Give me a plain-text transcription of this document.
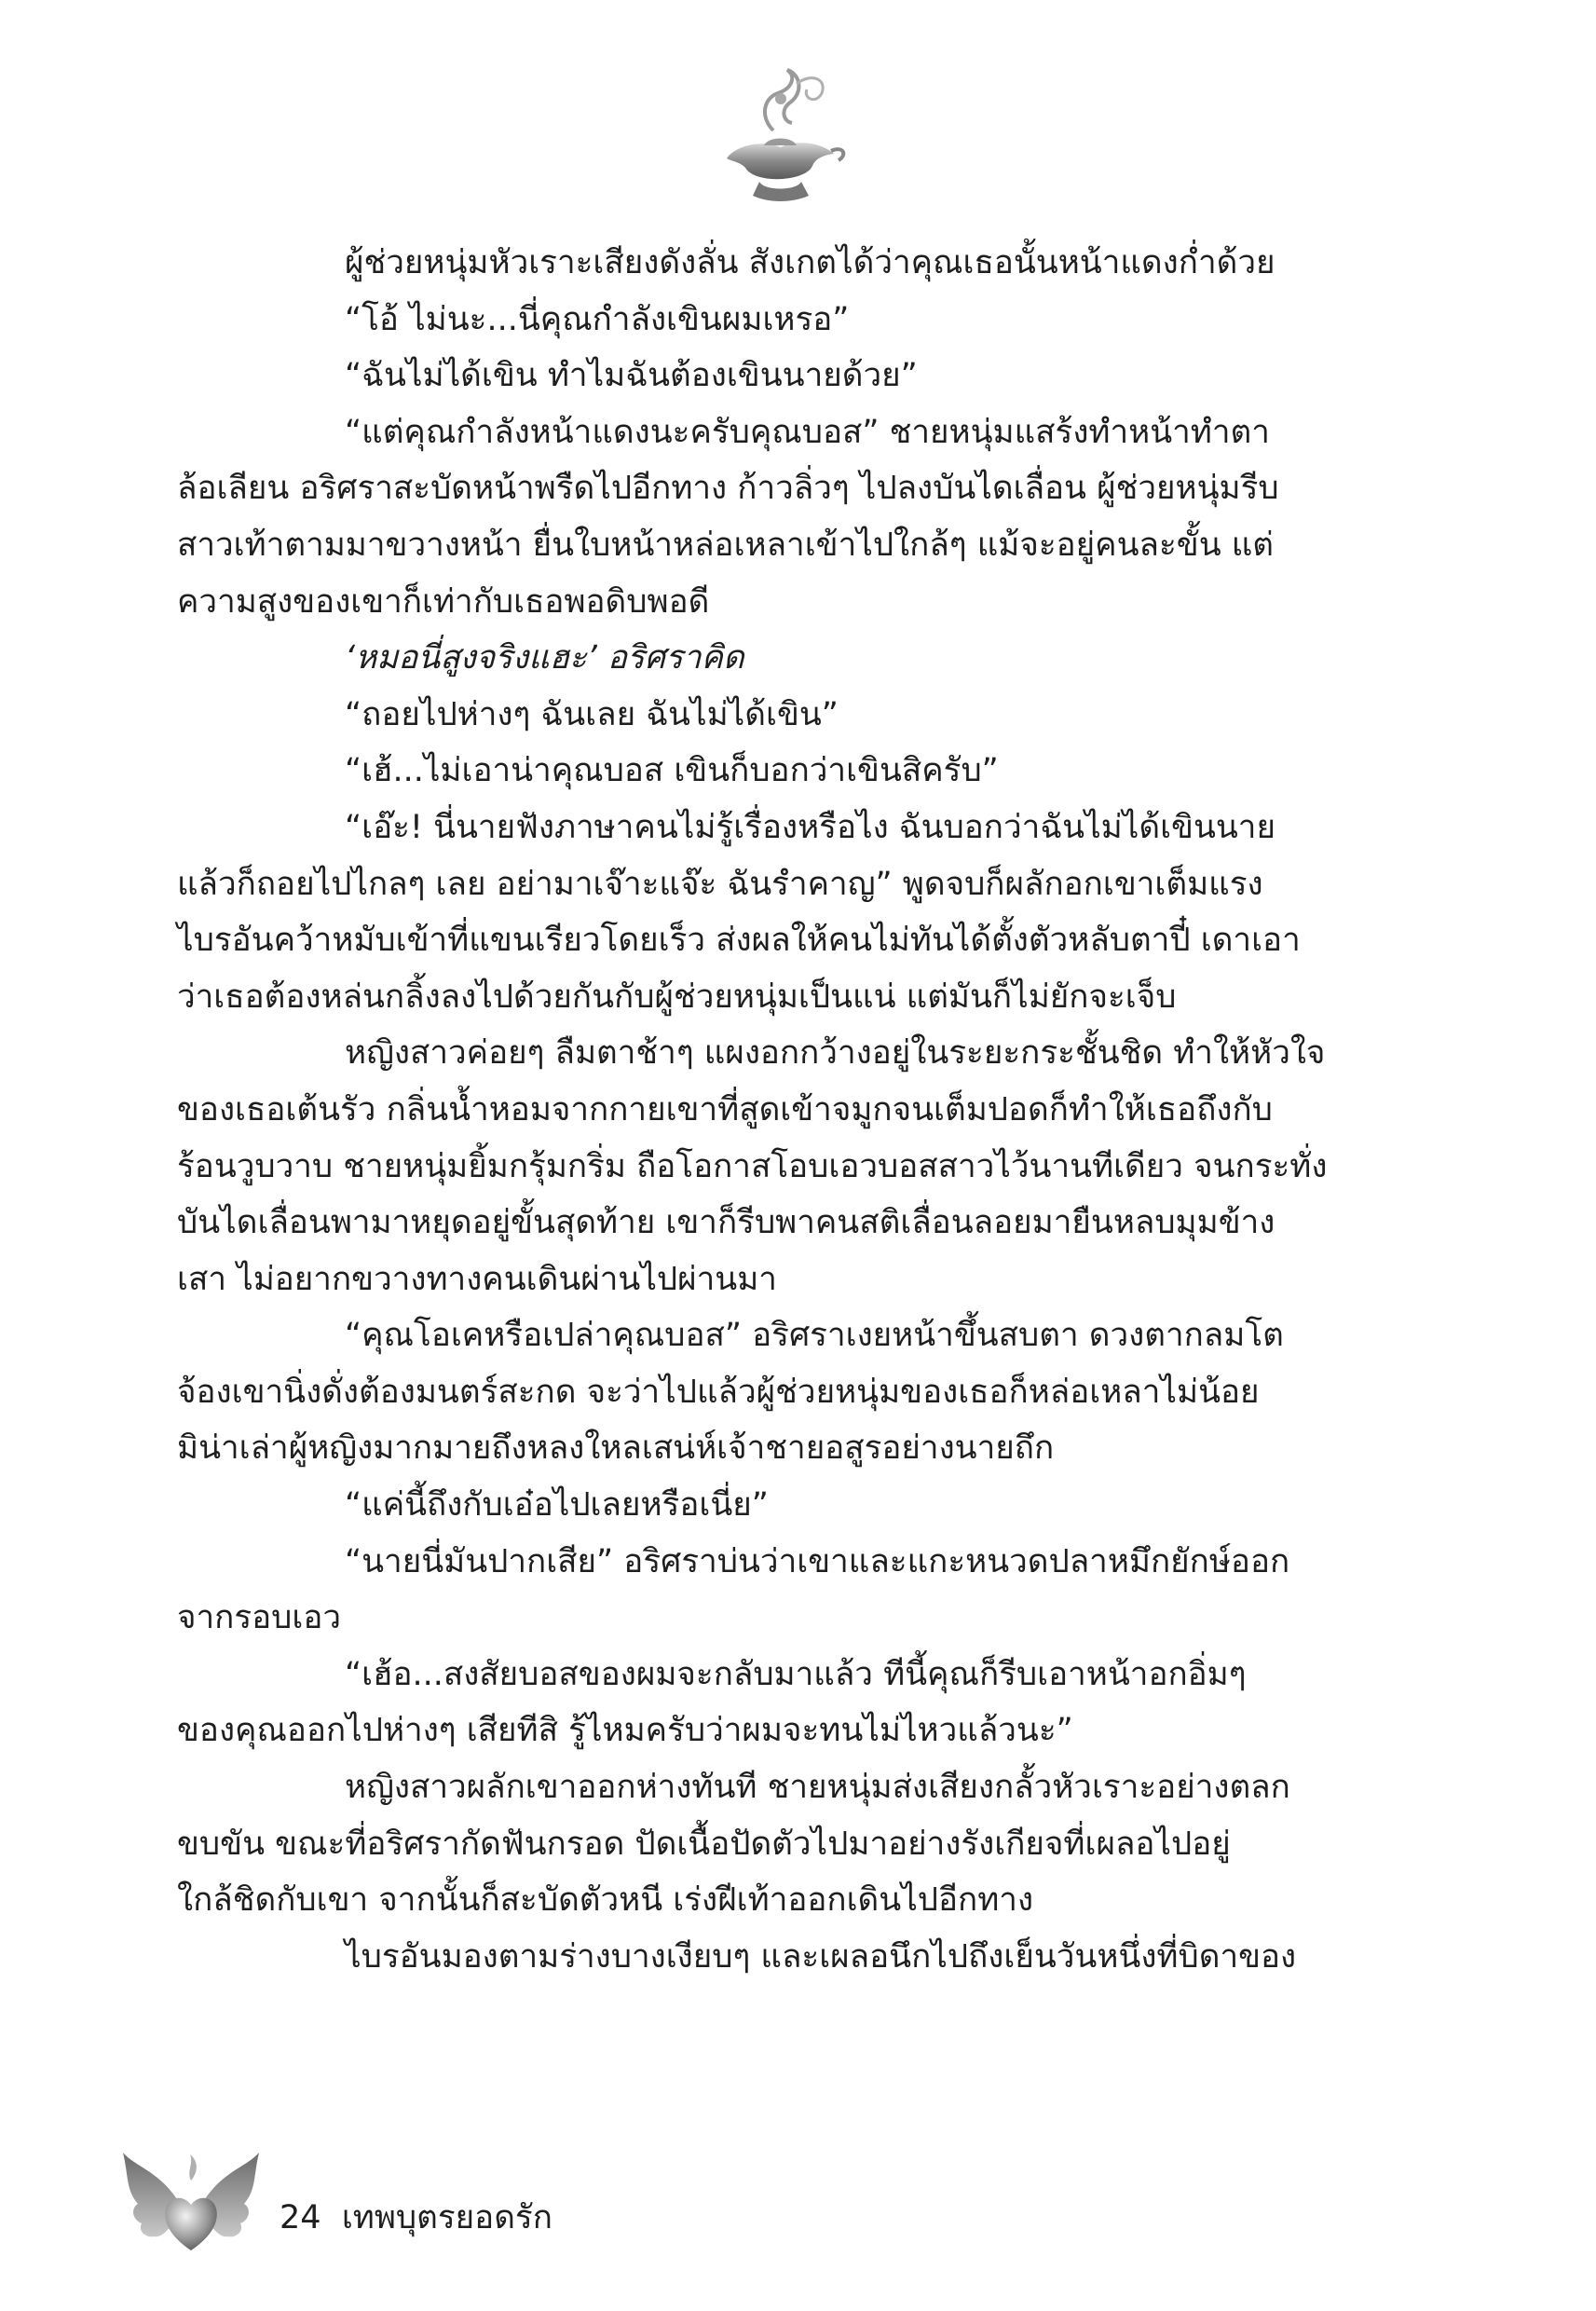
ผู้ช่วยหนุ่มหัวเราะเสียงดังลั่น สังเกตได้ว่าคุณเธอนั้นหน้าแดงก่ำด้วย

“โอ้ ไม่นะ...นี่คุณกำลังเขินผมเหรอ”

“ฉันไม่ได้เขิน ทำไมฉันต้องเขินนายด้วย”

“แต่คุณกำลังหน้าแดงนะครับคุณบอส” ชายหนุ่มแสร้งทำหน้าทำตา

ล้อเลียน อริศราสะบัดหน้าพรืดไปอีกทาง ก้าวลิ่วๆ ไปลงบันไดเลื่อน ผู้ช่วยหนุ่มรีบ

สาวเท้าตามมาขวางหน้า ยื่นใบหน้าหล่อเหลาเข้าไปใกล้ๆ แม้จะอยู่คนละขั้น แต่

ความสูงของเขาก็เท่ากับเธอพอดิบพอดี

‘หมอนี่สูงจริงแฮะ’ อริศราคิด

“ถอยไปห่างๆ ฉันเลย ฉันไม่ได้เขิน”

“เฮ้...ไม่เอาน่าคุณบอส เขินก็บอกว่าเขินสิครับ”

“เอ๊ะ! นี่นายฟังภาษาคนไม่รู้เรื่องหรือไง ฉันบอกว่าฉันไม่ได้เขินนาย

แล้วก็ถอยไปไกลๆ เลย อย่ามาเจ๊าะแจ๊ะ ฉันรำคาญ” พูดจบก็ผลักอกเขาเต็มแรง

ไบรอันคว้าหมับเข้าที่แขนเรียวโดยเร็ว ส่งผลให้คนไม่ทันได้ตั้งตัวหลับตาปี๋ เดาเอา

ว่าเธอต้องหล่นกลิ้งลงไปด้วยกันกับผู้ช่วยหนุ่มเป็นแน่ แต่มันก็ไม่ยักจะเจ็บ

หญิงสาวค่อยๆ ลืมตาช้าๆ แผงอกกว้างอยู่ในระยะกระชั้นชิด ทำให้หัวใจ

ของเธอเต้นรัว กลิ่นน้ำหอมจากกายเขาที่สูดเข้าจมูกจนเต็มปอดก็ทำให้เธอถึงกับ

ร้อนวูบวาบ ชายหนุ่มยิ้มกรุ้มกริ่ม ถือโอกาสโอบเอวบอสสาวไว้นานทีเดียว จนกระทั่ง

บันไดเลื่อนพามาหยุดอยู่ขั้นสุดท้าย เขาก็รีบพาคนสติเลื่อนลอยมายืนหลบมุมข้าง

เสา ไม่อยากขวางทางคนเดินผ่านไปผ่านมา

“คุณโอเคหรือเปล่าคุณบอส” อริศราเงยหน้าขึ้นสบตา ดวงตากลมโต

จ้องเขานิ่งดั่งต้องมนตร์สะกด จะว่าไปแล้วผู้ช่วยหนุ่มของเธอก็หล่อเหลาไม่น้อย

มิน่าเล่าผู้หญิงมากมายถึงหลงใหลเสน่ห์เจ้าชายอสูรอย่างนายถึก

“แค่นี้ถึงกับเอ๋อไปเลยหรือเนี่ย”

“นายนี่มันปากเสีย” อริศราบ่นว่าเขาและแกะหนวดปลาหมึกยักษ์ออก

จากรอบเอว

“เฮ้อ...สงสัยบอสของผมจะกลับมาแล้ว ทีนี้คุณก็รีบเอาหน้าอกอิ่มๆ

ของคุณออกไปห่างๆ เสียทีสิ รู้ไหมครับว่าผมจะทนไม่ไหวแล้วนะ”

หญิงสาวผลักเขาออกห่างทันที ชายหนุ่มส่งเสียงกลั้วหัวเราะอย่างตลก

ขบขัน ขณะที่อริศรากัดฟันกรอด ปัดเนื้อปัดตัวไปมาอย่างรังเกียจที่เผลอไปอยู่

ใกล้ชิดกับเขา จากนั้นก็สะบัดตัวหนี เร่งฝีเท้าออกเดินไปอีกทาง

ไบรอันมองตามร่างบางเงียบๆ และเผลอนึกไปถึงเย็นวันหนึ่งที่บิดาของ

24 เทพบุตรยอดรัก
